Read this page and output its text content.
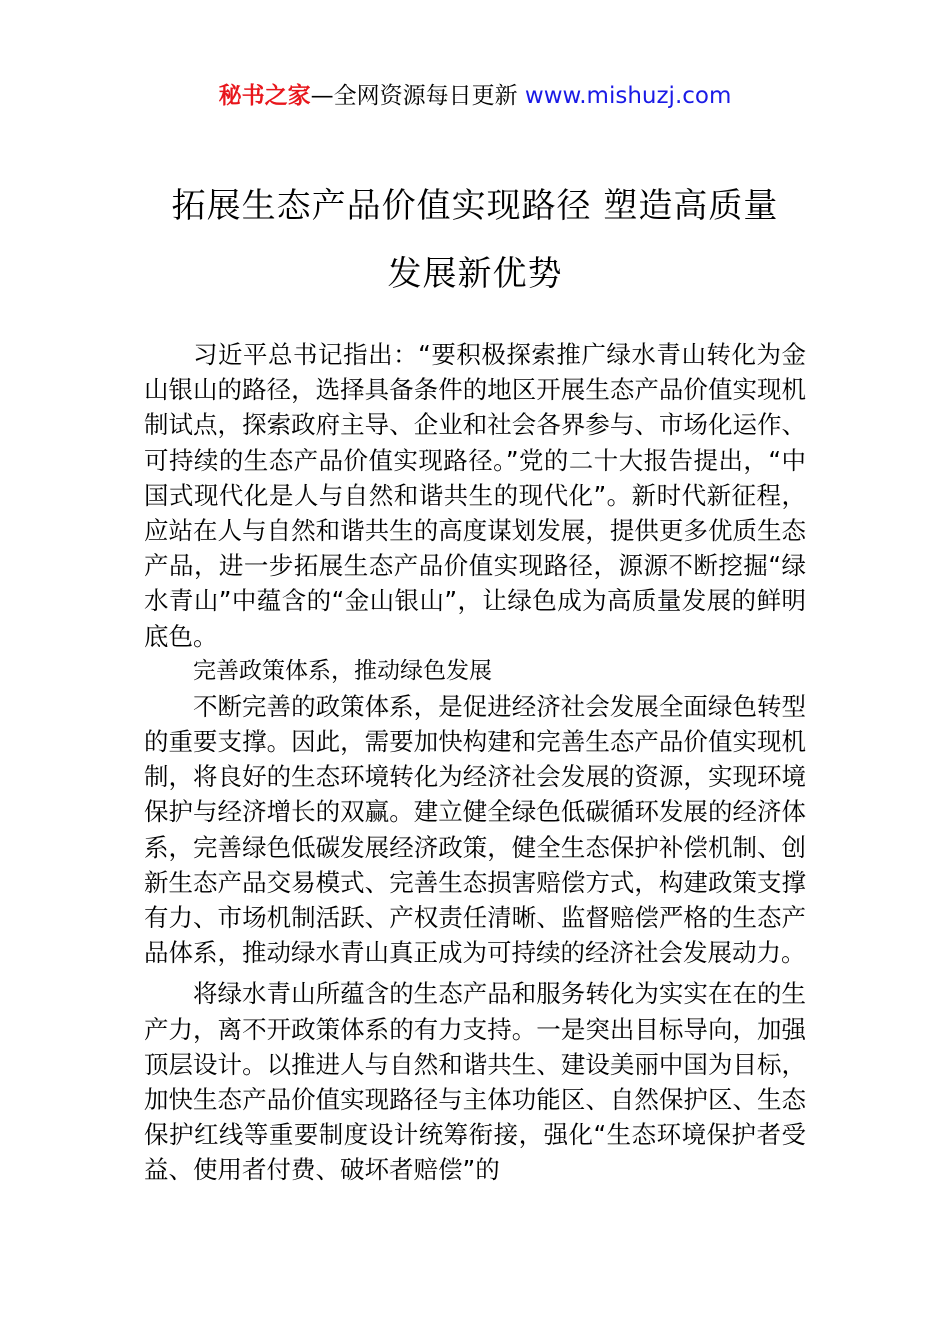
秘书之家—全网资源每日更新 www.mishuzj.com
拓展生态产品价值实现路径 塑造高质量
发展新优势

习近平总书记指出：“要积极探索推广绿水青山转化为金山银山的路径，选择具备条件的地区开展生态产品价值实现机制试点，探索政府主导、企业和社会各界参与、市场化运作、可持续的生态产品价值实现路径。”党的二十大报告提出，“中国式现代化是人与自然和谐共生的现代化”。新时代新征程，应站在人与自然和谐共生的高度谋划发展，提供更多优质生态产品，进一步拓展生态产品价值实现路径，源源不断挖掘“绿水青山”中蕴含的“金山银山”，让绿色成为高质量发展的鲜明底色。

完善政策体系，推动绿色发展

不断完善的政策体系，是促进经济社会发展全面绿色转型的重要支撑。因此，需要加快构建和完善生态产品价值实现机制，将良好的生态环境转化为经济社会发展的资源，实现环境保护与经济增长的双赢。建立健全绿色低碳循环发展的经济体系，完善绿色低碳发展经济政策，健全生态保护补偿机制、创新生态产品交易模式、完善生态损害赔偿方式，构建政策支撑有力、市场机制活跃、产权责任清晰、监督赔偿严格的生态产品体系，推动绿水青山真正成为可持续的经济社会发展动力。

将绿水青山所蕴含的生态产品和服务转化为实实在在的生产力，离不开政策体系的有力支持。一是突出目标导向，加强顶层设计。以推进人与自然和谐共生、建设美丽中国为目标，加快生态产品价值实现路径与主体功能区、自然保护区、生态保护红线等重要制度设计统筹衔接，强化“生态环境保护者受益、使用者付费、破坏者赔偿”的
